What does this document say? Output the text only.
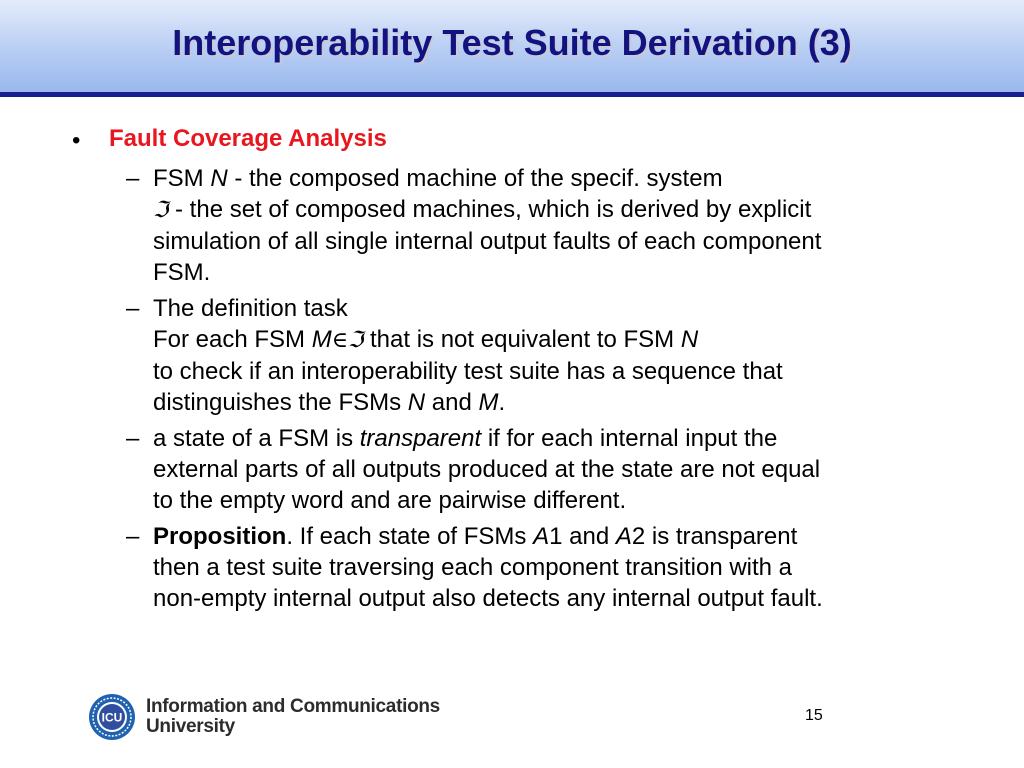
Interoperability Test Suite Derivation (3)
• Fault Coverage Analysis
– FSM N - the composed machine of the specif. system
ℑ - the set of composed machines, which is derived by explicit
simulation of all single internal output faults of each component
FSM.
– The definition task
For each FSM M∈ℑ that is not equivalent to FSM N
to check if an interoperability test suite has a sequence that
distinguishes the FSMs N and M.
– a state of a FSM is transparent if for each internal input the
external parts of all outputs produced at the state are not equal
to the empty word and are pairwise different.
– Proposition. If each state of FSMs A1 and A2 is transparent
then a test suite traversing each component transition with a
non-empty internal output also detects any internal output fault.
ICU
Information and Communications
University
15
